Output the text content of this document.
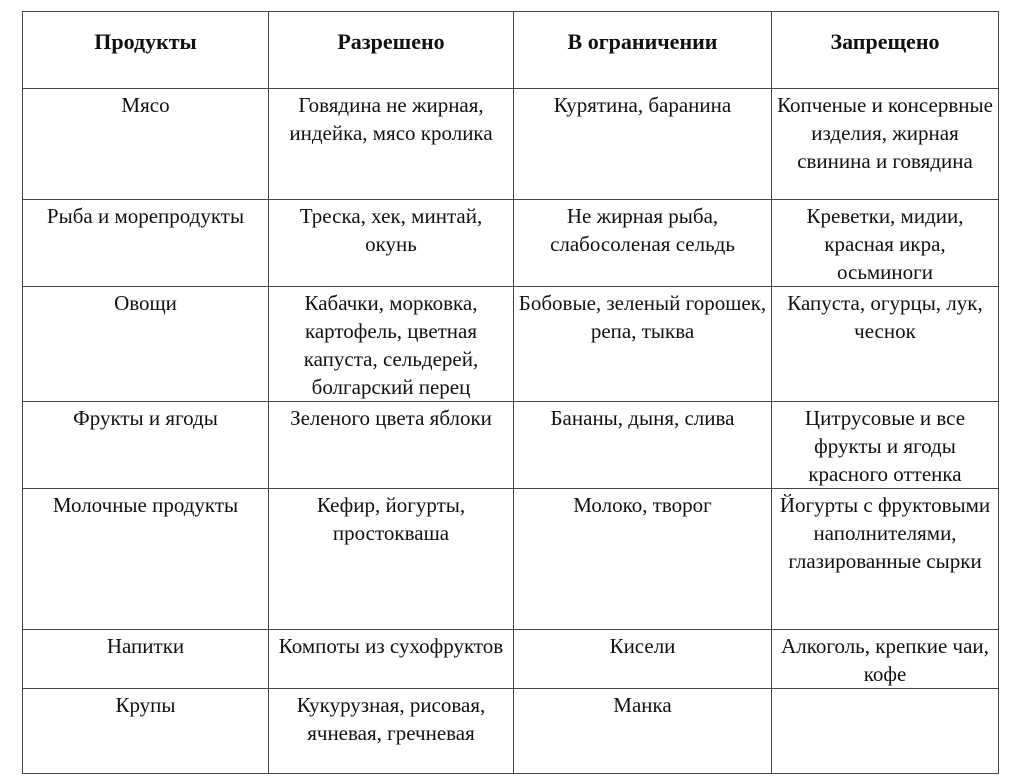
Продукты	Разрешено	В ограничении	Запрещено
Мясо	Говядина не жирная, индейка, мясо кролика	Курятина, баранина	Копченые и консервные изделия, жирная свинина и говядина
Рыба и морепродукты	Треска, хек, минтай, окунь	Не жирная рыба, слабосоленая сельдь	Креветки, мидии, красная икра, осьминоги
Овощи	Кабачки, морковка, картофель, цветная капуста, сельдерей, болгарский перец	Бобовые, зеленый горошек, репа, тыква	Капуста, огурцы, лук, чеснок
Фрукты и ягоды	Зеленого цвета яблоки	Бананы, дыня, слива	Цитрусовые и все фрукты и ягоды красного оттенка
Молочные продукты	Кефир, йогурты, простокваша	Молоко, творог	Йогурты с фруктовыми наполнителями, глазированные сырки
Напитки	Компоты из сухофруктов	Кисели	Алкоголь, крепкие чаи, кофе
Крупы	Кукурузная, рисовая, ячневая, гречневая	Манка	
